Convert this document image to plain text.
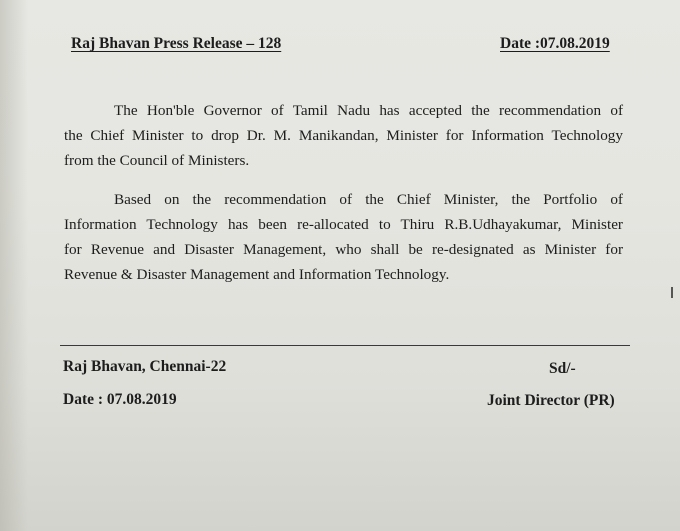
Raj Bhavan Press Release – 128	Date :07.08.2019
The Hon'ble Governor of Tamil Nadu has accepted the recommendation of
the Chief Minister to drop Dr. M. Manikandan, Minister for Information Technology
from the Council of Ministers.
Based on the recommendation of the Chief Minister, the Portfolio of
Information Technology has been re-allocated to Thiru R.B.Udhayakumar, Minister
for Revenue and Disaster Management, who shall be re-designated as Minister for
Revenue & Disaster Management and Information Technology.
Raj Bhavan, Chennai-22
Date : 07.08.2019
Sd/-
Joint Director (PR)
